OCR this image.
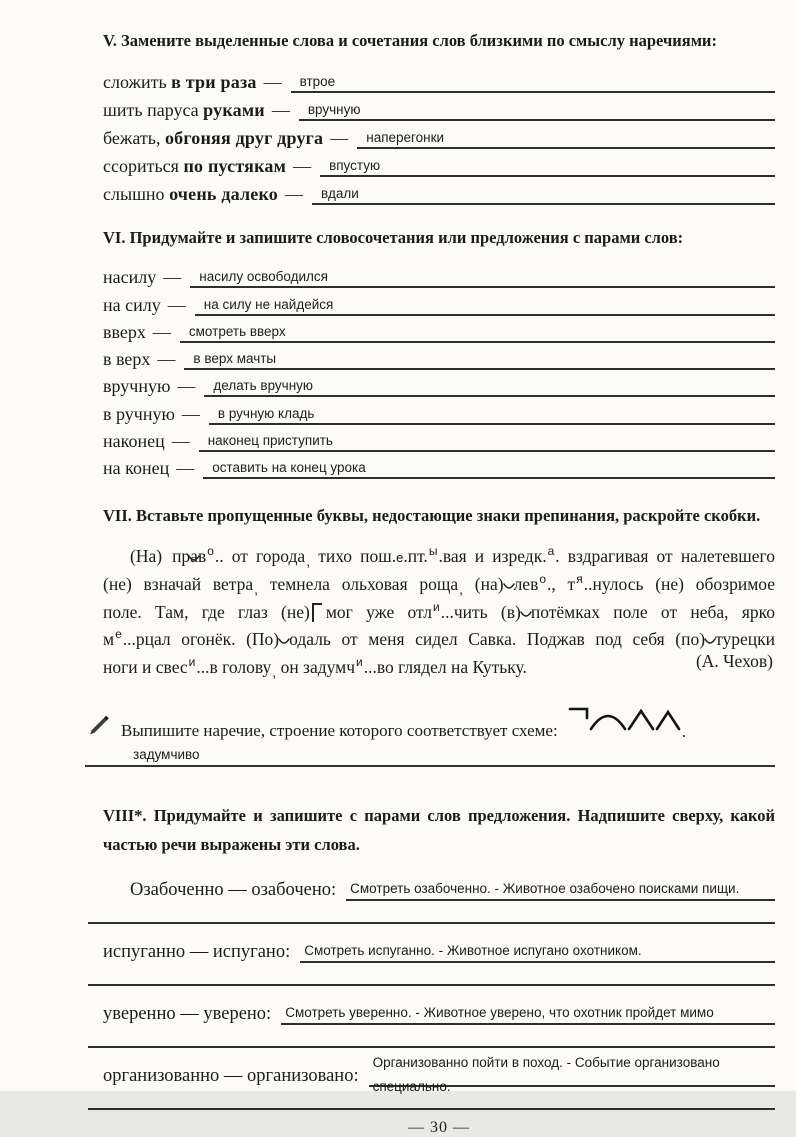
V. Замените выделенные слова и сочетания слов близкими по смыслу наречиями:
сложить в три раза — втрое
шить паруса руками — вручную
бежать, обгоняя друг друга — наперегонки
ссориться по пустякам — впустую
слышно очень далеко — вдали
VI. Придумайте и запишите словосочетания или предложения с парами слов:
насилу — насилу освободился
на силу — на силу не найдейся
вверх — смотреть вверх
в верх — в верх мачты
вручную — делать вручную
в ручную — в ручную кладь
наконец — наконец приступить
на конец — оставить на конец урока
VII. Вставьте пропущенные буквы, недостающие знаки препинания, раскройте скобки.
(На) прав$^о$.. от города$_,$ тихо пош.е.пт.$^ы$.вая и изредк.$^а$. вздрагивая от налетевшего
(не) взначай ветра$_,$ темнела ольховая роща$_,$ (на) лев$^о$., $т^я..нулось$ (не) обозримое
поле. Там, где глаз (не) мог уже отл$^и$...чить (в) потёмках поле от неба, ярко
$м^е...рцал$ огонёк. (По) одаль от меня сидел Савка. Поджав под себя (по) турецки
ноги и свес$^и$...в голову$_,$ он задумч$^и$...во глядел на Кутьку.	(А. Чехов)
Выпишите наречие, строение которого соответствует схеме:	.
задумчиво
VIII*. Придумайте и запишите с парами слов предложения. Надпишите сверху, какой частью речи выражены эти слова.
Озабоченно — озабочено: Смотреть озабоченно. - Животное озабочено поисками пищи.
испуганно — испугано: Смотреть испуганно. - Животное испугано охотником.
уверенно — уверено: Смотреть уверенно. - Животное уверено, что охотник пройдет мимо
организованно — организовано:
Организованно пойти в поход. - Событие организовано
специально.
— 30 —
